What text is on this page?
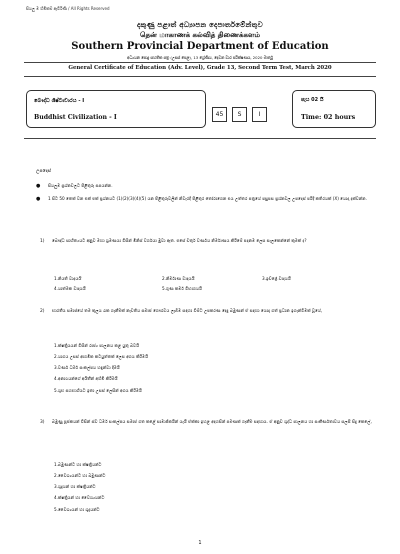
සියලු ම හිමිකම් ඇවිරිණි / All Rights Reserved
දකුණු පළාත් අධ්‍යාපන දෙපාර්තමේන්තුව
தென் மாகாணக் கல்வித் திணைக்களம்
Southern Provincial Department of Education
අධ්‍යයන පොදු සහතික පත්‍ර (උසස් පෙළ), 13 ශ්‍රේණිය, දෙවන වාර පරීක්ෂණය, 2020 මාර්තු
General Certificate of Education (Adv. Level), Grade 13, Second Term Test, March 2020
බෞද්ධ ශිෂ්ටාචාරය - I
Buddhist Civilization - I	45	S	I
පැය 02 යි
Time: 02 hours
උපදෙස්
● සියලුම ප්‍රශ්නවලට පිළිතුරු සපයන්න.
● 1 සිට 50 තෙක් වන එක් එක් ප්‍රශ්නයට (1)(2)(3)(4)(5) යන පිළිතුරුවලින් නිවැරදි පිළිතුර තෝරාගෙන එය උත්තර පත්‍රයේ පසුපස ප්‍රශ්නවල උපදෙස් පරිදි කතිරයක් (X) යොදා දක්වන්න.
1) බෞද්ධ සාහිත්‍යයට අනුව මහා ශ්‍රමණයා විසින් මිනිස් වර්ගයා මුවා ඇත. එසේ චතුර් වර්ණය නිර්මාණය කිරීමේ පදනම ලෙස සැලකෙන්නේ කුමක් ද?
1.නියති වාදයයි	2.නිර්මාණ වාදයයි	3.ඉච්ඡ්‍රේ වාදයයි
4.යාත්මක වාදයයි	5.ගුණ කර්ම විභාගයයි
2) භාරතීය සමාජයේ තම කුලය රැක ගැනීමක් නැවතිය සමාජ ගෞරවය ලැබීම සඳහා වීම්ට උපකරණ දෙදු බමුණන් ඒ සඳහා යොදා ගත් ප්‍රධාන ඉගැන්වීමක් වූයේ,
1.ක්ෂත්‍රියයන් විසින් රාජ්‍ය පාලනය කළ යුතු බවයි
2.යාගය උසස් ආගමික කටයුත්තක් ලෙස අගය කිරීමයි
3.වර්ණ ධර්ම සංකල්පය හඳුන්වා දීමයි
4.අනාථයන්ගේ අයිතීන් අහිමි කිරීමයි
5.ශුභ සහභාගියට ඉතා උසස් ලෙසින් අගය කිරීමයි
3) බමුණු පූජකයන් විසින් ස්ව ධර්ම සංකල්පය සමාජ ගත කළේ සාමාජිකයින් යැයි ඒක්කා ඉහළ අදහසින් පමණක් ගෑනීම සඳහාය. ඒ අනුව ශුද්ධ පාලනය හා සංකීර්ණතාවය සලසී සිදු කෙලේ,
1.බමුණන්ට හා ක්ෂත්‍රියන්ට
2.වෛශ්‍යයන්ට හා බමුණන්ට
3.ශුද්‍රයන් හා ක්ෂත්‍රියන්ට
4.ක්ෂත්‍රියන් හා වෛශ්‍යයන්ට
5.වෛශ්‍යයන් හා ශුද්‍රයන්ට
1
